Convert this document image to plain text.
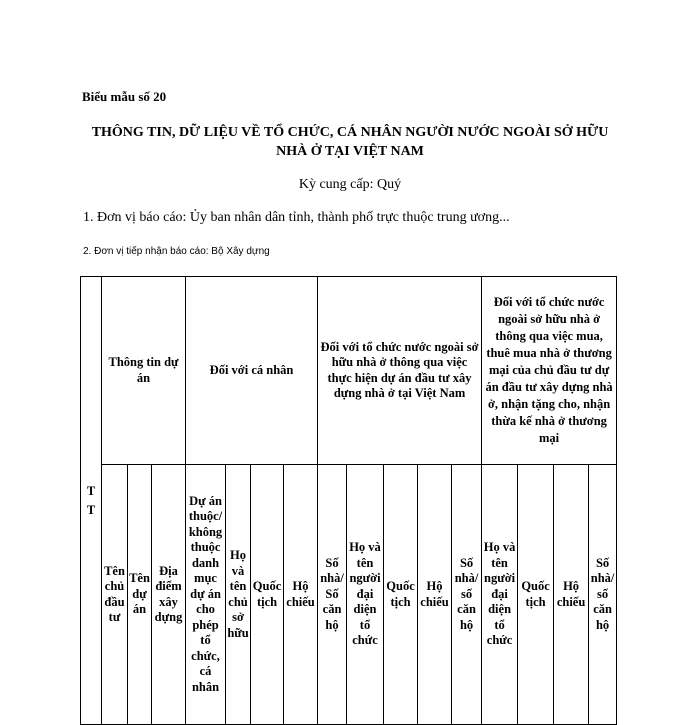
Biểu mẫu số 20
THÔNG TIN, DỮ LIỆU VỀ TỔ CHỨC, CÁ NHÂN NGƯỜI NƯỚC NGOÀI SỞ HỮU NHÀ Ở TẠI VIỆT NAM
Kỳ cung cấp: Quý
1. Đơn vị báo cáo: Ủy ban nhân dân tỉnh, thành phố trực thuộc trung ương...
2. Đơn vị tiếp nhận báo cáo: Bộ Xây dựng
TT	Thông tin dự án			Đối với cá nhân				Đối với tổ chức nước ngoài sở hữu nhà ở thông qua việc thực hiện dự án đầu tư xây dựng nhà ở tại Việt Nam					Đối với tổ chức nước ngoài sở hữu nhà ở thông qua việc mua, thuê mua nhà ở thương mại của chủ đầu tư dự án đầu tư xây dựng nhà ở, nhận tặng cho, nhận thừa kế nhà ở thương mại			
	Tên chủ đầu tư	Tên dự án	Địa điểm xây dựng	Dự án thuộc/ không thuộc danh mục dự án cho phép tổ chức, cá nhân	Họ và tên chủ sở hữu	Quốc tịch	Hộ chiếu	Số nhà/ Số căn hộ	Họ và tên người đại diện tổ chức	Quốc tịch	Hộ chiếu	Số nhà/ số căn hộ	Họ và tên người đại diện tổ chức	Quốc tịch	Hộ chiếu	Số nhà/ số căn hộ
